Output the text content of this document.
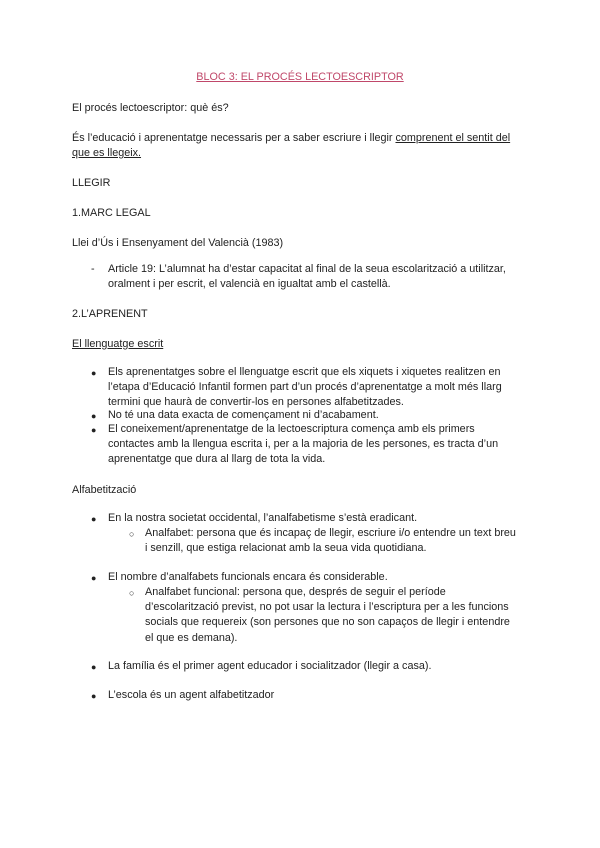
BLOC 3: EL PROCÉS LECTOESCRIPTOR
El procés lectoescriptor: què és?
És l’educació i aprenentatge necessaris per a saber escriure i llegir comprenent el sentit del
que es llegeix.
LLEGIR
1.MARC LEGAL
Llei d’Ús i Ensenyament del Valencià (1983)
- Article 19: L’alumnat ha d’estar capacitat al final de la seua escolarització a utilitzar,
oralment i per escrit, el valencià en igualtat amb el castellà.
2.L’APRENENT
El llenguatge escrit
● Els aprenentatges sobre el llenguatge escrit que els xiquets i xiquetes realitzen en
l’etapa d’Educació Infantil formen part d’un procés d’aprenentatge a molt més llarg
termini que haurà de convertir-los en persones alfabetitzades.
● No té una data exacta de començament ni d’acabament.
● El coneixement/aprenentatge de la lectoescriptura comença amb els primers
contactes amb la llengua escrita i, per a la majoria de les persones, es tracta d’un
aprenentatge que dura al llarg de tota la vida.
Alfabetització
● En la nostra societat occidental, l’analfabetisme s’està eradicant.
○ Analfabet: persona que és incapaç de llegir, escriure i/o entendre un text breu
i senzill, que estiga relacionat amb la seua vida quotidiana.
● El nombre d’analfabets funcionals encara és considerable.
○ Analfabet funcional: persona que, després de seguir el període
d’escolarització previst, no pot usar la lectura i l’escriptura per a les funcions
socials que requereix (son persones que no son capaços de llegir i entendre
el que es demana).
● La família és el primer agent educador i socialitzador (llegir a casa).
● L’escola és un agent alfabetitzador
